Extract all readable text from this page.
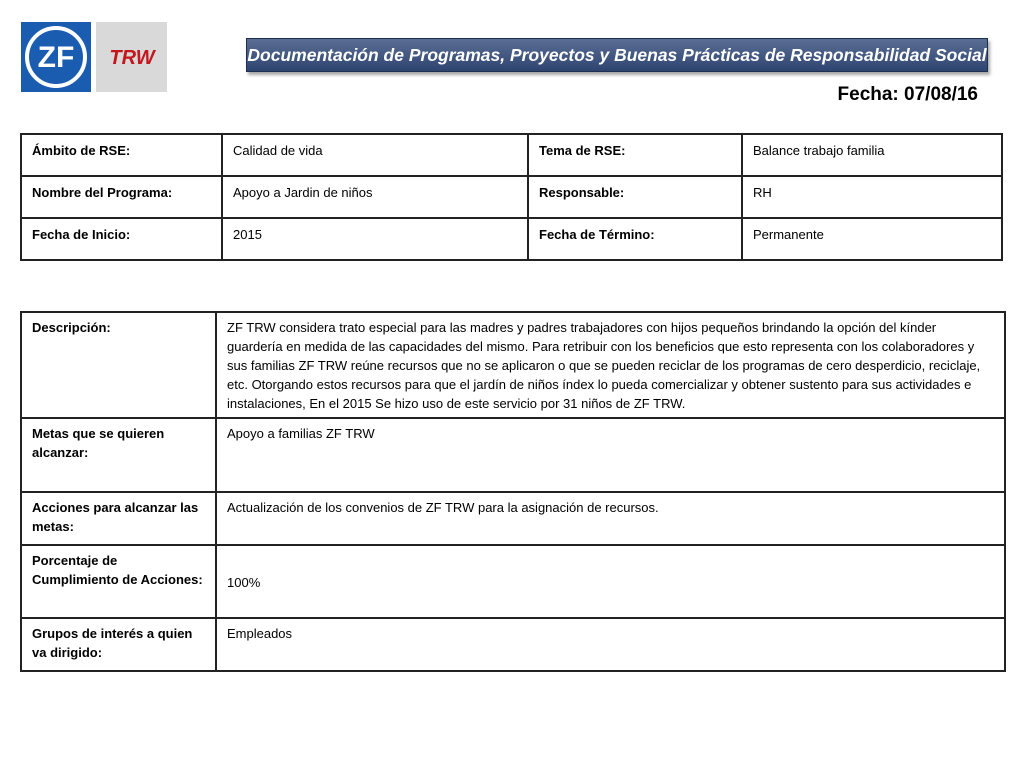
ZF TRW	Documentación de Programas, Proyectos y Buenas Prácticas de Responsabilidad Social
Fecha: 07/08/16
Ámbito de RSE:	Calidad de vida	Tema de RSE:	Balance trabajo familia
Nombre del Programa:	Apoyo a Jardin de niños	Responsable:	RH
Fecha de Inicio:	2015	Fecha de Término:	Permanente
Descripción:	ZF TRW considera trato especial para las madres y padres trabajadores con hijos pequeños brindando la opción del kínder guardería en medida de las capacidades del mismo. Para retribuir con los beneficios que esto representa con los colaboradores y sus familias ZF TRW reúne recursos que no se aplicaron o que se pueden reciclar de los programas de cero desperdicio, reciclaje, etc. Otorgando estos recursos para que el jardín de niños índex lo pueda comercializar y obtener sustento para sus actividades e instalaciones, En el 2015 Se hizo uso de este servicio por 31 niños de ZF TRW.
Metas que se quieren alcanzar:	Apoyo a familias ZF TRW
Acciones para alcanzar las metas:	Actualización de los convenios de ZF TRW para la asignación de recursos.
Porcentaje de Cumplimiento de Acciones:	100%
Grupos de interés a quien va dirigido:	Empleados
